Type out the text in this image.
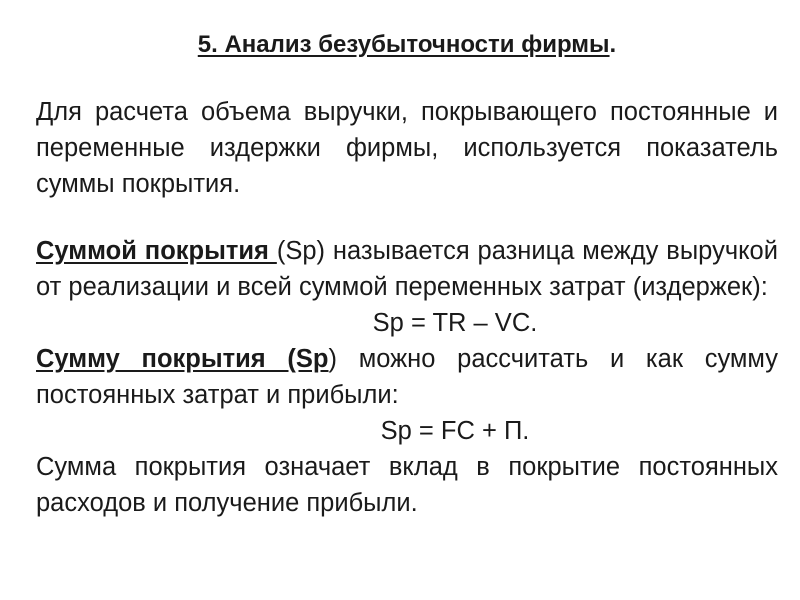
5. Анализ безубыточности фирмы.

Для расчета объема выручки, покрывающего постоянные и переменные издержки фирмы, используется показатель суммы покрытия.

Суммой покрытия (Sp) называется разница между выручкой от реализации и всей суммой переменных затрат (издержек):

Sp = TR – VC.

Сумму покрытия (Sp) можно рассчитать и как сумму постоянных затрат и прибыли:

Sp = FC + П.

Сумма покрытия означает вклад в покрытие постоянных расходов и получение прибыли.
